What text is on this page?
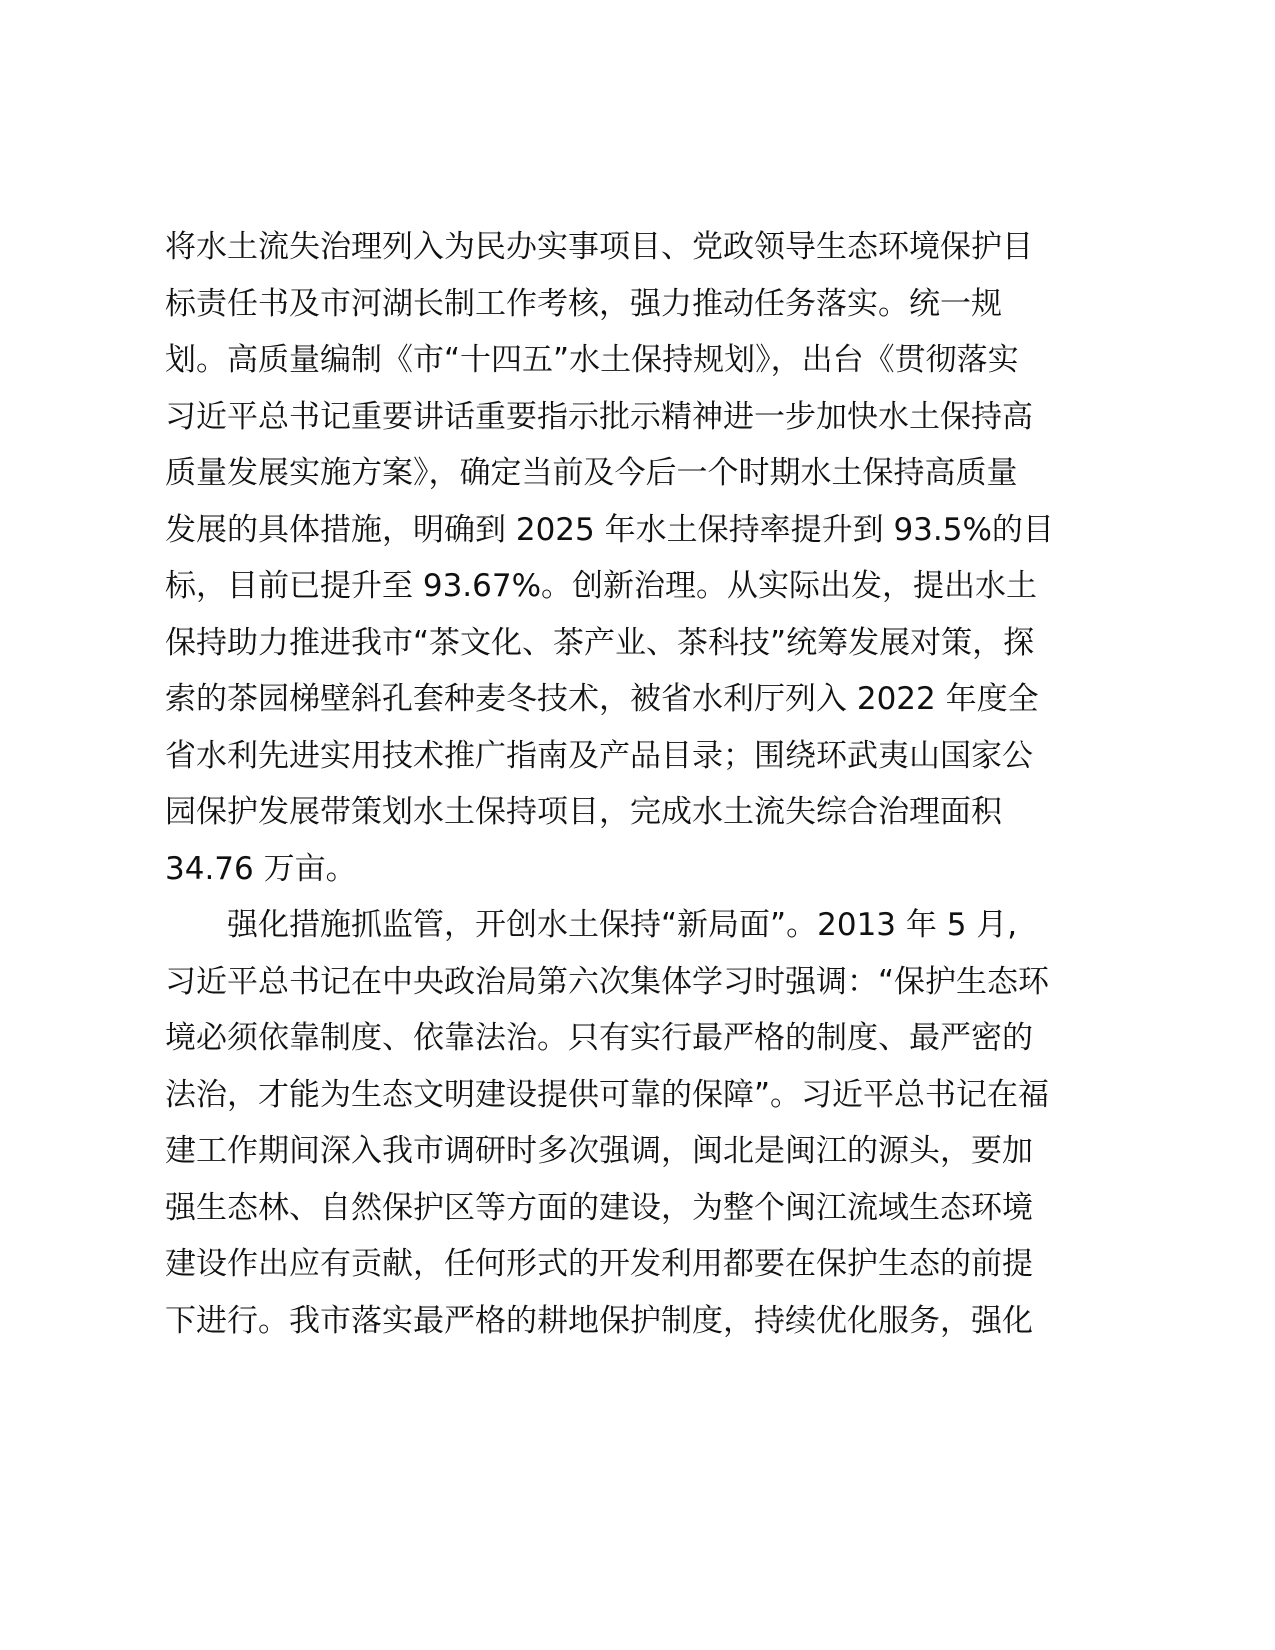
将水土流失治理列入为民办实事项目、党政领导生态环境保护目
标责任书及市河湖长制工作考核，强力推动任务落实。统一规
划。高质量编制《市“十四五”水土保持规划》，出台《贯彻落实
习近平总书记重要讲话重要指示批示精神进一步加快水土保持高
质量发展实施方案》，确定当前及今后一个时期水土保持高质量
发展的具体措施，明确到 2025 年水土保持率提升到 93.5%的目
标，目前已提升至 93.67%。创新治理。从实际出发，提出水土
保持助力推进我市“茶文化、茶产业、茶科技”统筹发展对策，探
索的茶园梯壁斜孔套种麦冬技术，被省水利厅列入 2022 年度全
省水利先进实用技术推广指南及产品目录；围绕环武夷山国家公
园保护发展带策划水土保持项目，完成水土流失综合治理面积
34.76 万亩。
强化措施抓监管，开创水土保持“新局面”。2013 年 5 月,
习近平总书记在中央政治局第六次集体学习时强调：“保护生态环
境必须依靠制度、依靠法治。只有实行最严格的制度、最严密的
法治，才能为生态文明建设提供可靠的保障”。习近平总书记在福
建工作期间深入我市调研时多次强调，闽北是闽江的源头，要加
强生态林、自然保护区等方面的建设，为整个闽江流域生态环境
建设作出应有贡献，任何形式的开发利用都要在保护生态的前提
下进行。我市落实最严格的耕地保护制度，持续优化服务，强化
